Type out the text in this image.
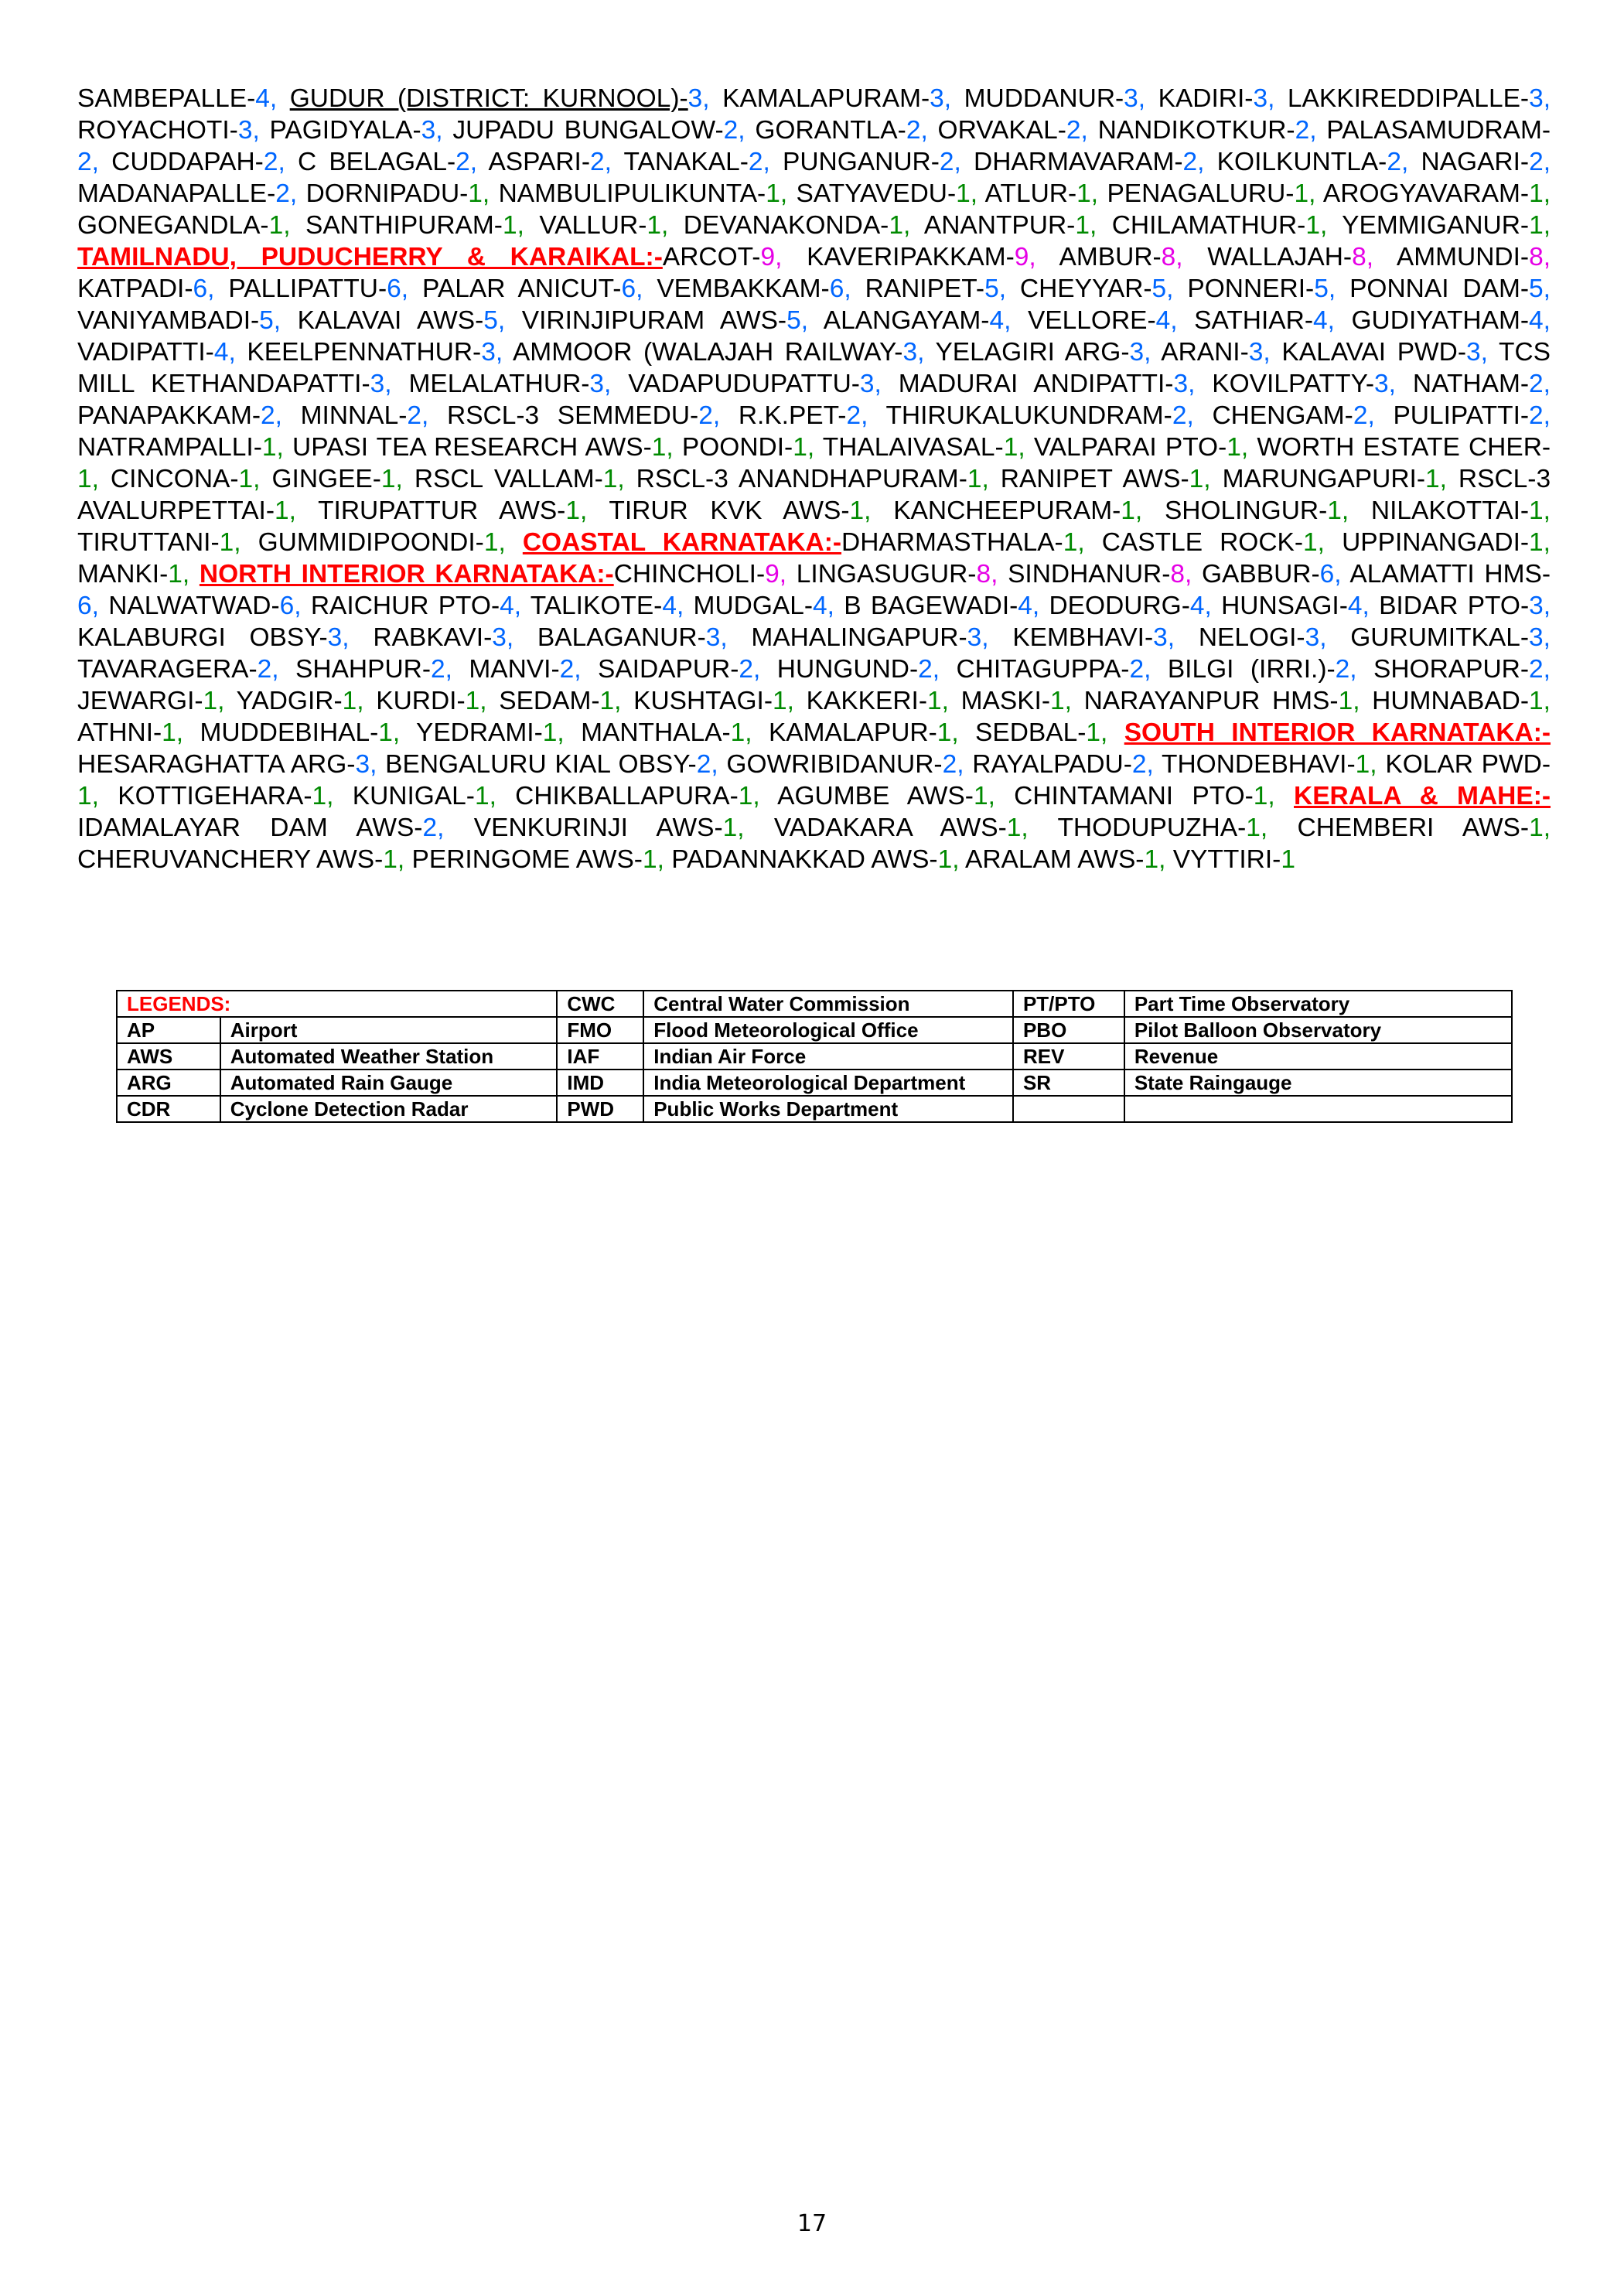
SAMBEPALLE-4, GUDUR (DISTRICT: KURNOOL)-3, KAMALAPURAM-3, MUDDANUR-3, KADIRI-3, LAKKIREDDIPALLE-3, ROYACHOTI-3, PAGIDYALA-3, JUPADU BUNGALOW-2, GORANTLA-2, ORVAKAL-2, NANDIKOTKUR-2, PALASAMUDRAM-2, CUDDAPAH-2, C BELAGAL-2, ASPARI-2, TANAKAL-2, PUNGANUR-2, DHARMAVARAM-2, KOILKUNTLA-2, NAGARI-2, MADANAPALLE-2, DORNIPADU-1, NAMBULIPULIKUNTA-1, SATYAVEDU-1, ATLUR-1, PENAGALURU-1, AROGYAVARAM-1, GONEGANDLA-1, SANTHIPURAM-1, VALLUR-1, DEVANAKONDA-1, ANANTPUR-1, CHILAMATHUR-1, YEMMIGANUR-1, TAMILNADU, PUDUCHERRY & KARAIKAL:-ARCOT-9, KAVERIPAKKAM-9, AMBUR-8, WALLAJAH-8, AMMUNDI-8, KATPADI-6, PALLIPATTU-6, PALAR ANICUT-6, VEMBAKKAM-6, RANIPET-5, CHEYYAR-5, PONNERI-5, PONNAI DAM-5, VANIYAMBADI-5, KALAVAI AWS-5, VIRINJIPURAM AWS-5, ALANGAYAM-4, VELLORE-4, SATHIAR-4, GUDIYATHAM-4, VADIPATTI-4, KEELPENNATHUR-3, AMMOOR (WALAJAH RAILWAY-3, YELAGIRI ARG-3, ARANI-3, KALAVAI PWD-3, TCS MILL KETHANDAPATTI-3, MELALATHUR-3, VADAPUDUPATTU-3, MADURAI ANDIPATTI-3, KOVILPATTY-3, NATHAM-2, PANAPAKKAM-2, MINNAL-2, RSCL-3 SEMMEDU-2, R.K.PET-2, THIRUKALUKUNDRAM-2, CHENGAM-2, PULIPATTI-2, NATRAMPALLI-1, UPASI TEA RESEARCH AWS-1, POONDI-1, THALAIVASAL-1, VALPARAI PTO-1, WORTH ESTATE CHER-1, CINCONA-1, GINGEE-1, RSCL VALLAM-1, RSCL-3 ANANDHAPURAM-1, RANIPET AWS-1, MARUNGAPURI-1, RSCL-3 AVALURPETTAI-1, TIRUPATTUR AWS-1, TIRUR KVK AWS-1, KANCHEEPURAM-1, SHOLINGUR-1, NILAKOTTAI-1, TIRUTTANI-1, GUMMIDIPOONDI-1, COASTAL KARNATAKA:-DHARMASTHALA-1, CASTLE ROCK-1, UPPINANGADI-1, MANKI-1, NORTH INTERIOR KARNATAKA:-CHINCHOLI-9, LINGASUGUR-8, SINDHANUR-8, GABBUR-6, ALAMATTI HMS-6, NALWATWAD-6, RAICHUR PTO-4, TALIKOTE-4, MUDGAL-4, B BAGEWADI-4, DEODURG-4, HUNSAGI-4, BIDAR PTO-3, KALABURGI OBSY-3, RABKAVI-3, BALAGANUR-3, MAHALINGAPUR-3, KEMBHAVI-3, NELOGI-3, GURUMITKAL-3, TAVARAGERA-2, SHAHPUR-2, MANVI-2, SAIDAPUR-2, HUNGUND-2, CHITAGUPPA-2, BILGI (IRRI.)-2, SHORAPUR-2, JEWARGI-1, YADGIR-1, KURDI-1, SEDAM-1, KUSHTAGI-1, KAKKERI-1, MASKI-1, NARAYANPUR HMS-1, HUMNABAD-1, ATHNI-1, MUDDEBIHAL-1, YEDRAMI-1, MANTHALA-1, KAMALAPUR-1, SEDBAL-1, SOUTH INTERIOR KARNATAKA:-HESARAGHATTA ARG-3, BENGALURU KIAL OBSY-2, GOWRIBIDANUR-2, RAYALPADU-2, THONDEBHAVI-1, KOLAR PWD-1, KOTTIGEHARA-1, KUNIGAL-1, CHIKBALLAPURA-1, AGUMBE AWS-1, CHINTAMANI PTO-1, KERALA & MAHE:-IDAMALAYAR DAM AWS-2, VENKURINJI AWS-1, VADAKARA AWS-1, THODUPUZHA-1, CHEMBERI AWS-1, CHERUVANCHERY AWS-1, PERINGOME AWS-1, PADANNAKKAD AWS-1, ARALAM AWS-1, VYTTIRI-1
LEGENDS:		CWC	Central Water Commission	PT/PTO	Part Time Observatory
AP	Airport	FMO	Flood Meteorological Office	PBO	Pilot Balloon Observatory
AWS	Automated Weather Station	IAF	Indian Air Force	REV	Revenue
ARG	Automated Rain Gauge	IMD	India Meteorological Department	SR	State Raingauge
CDR	Cyclone Detection Radar	PWD	Public Works Department		
17
